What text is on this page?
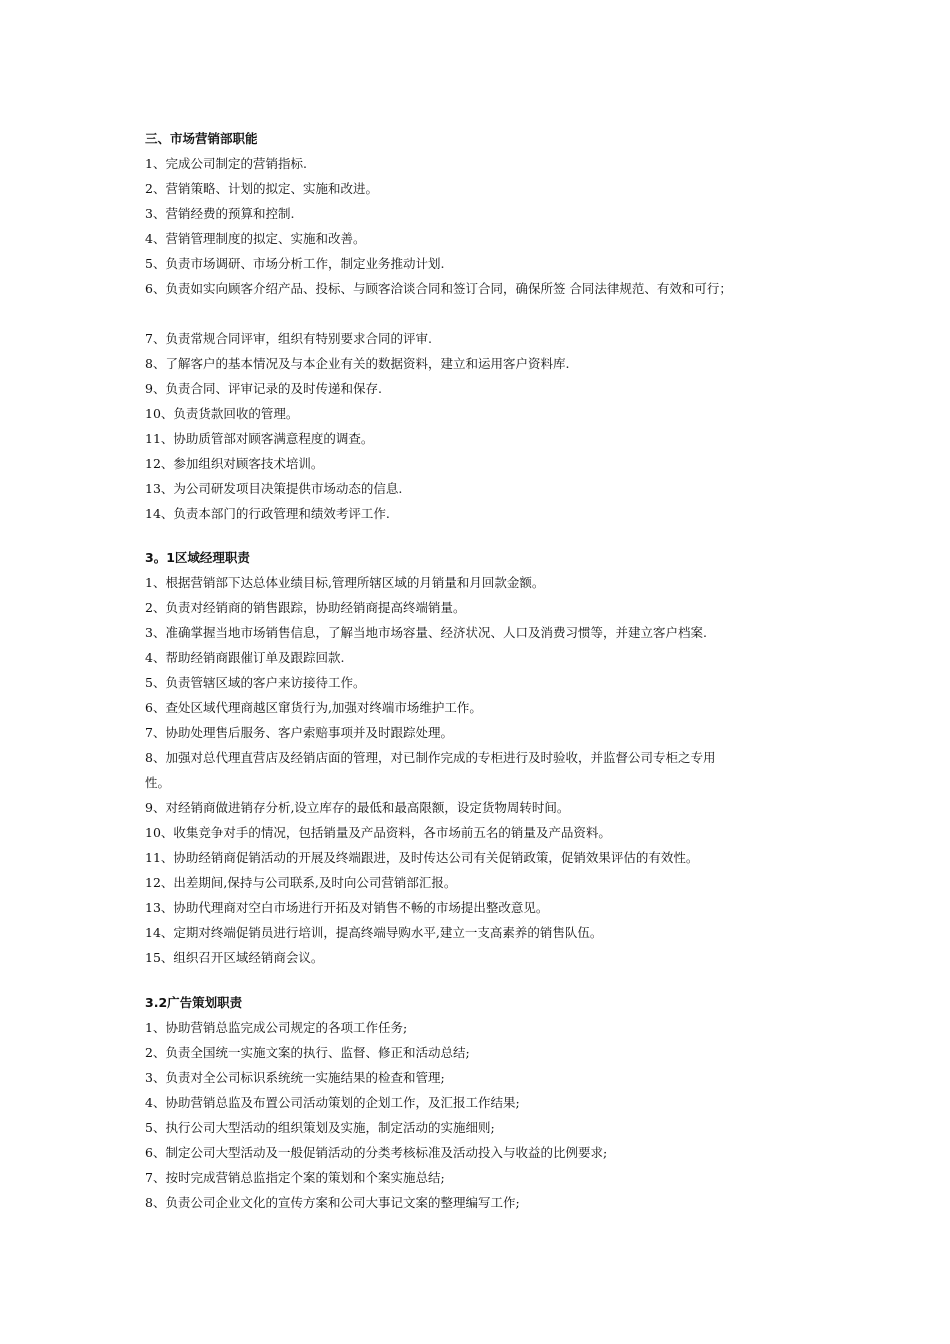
三、市场营销部职能
1、完成公司制定的营销指标.
2、营销策略、计划的拟定、实施和改进。
3、营销经费的预算和控制.
4、营销管理制度的拟定、实施和改善。
5、负责市场调研、市场分析工作，制定业务推动计划.
6、负责如实向顾客介绍产品、投标、与顾客洽谈合同和签订合同，确保所签 合同法律规范、有效和可行；
7、负责常规合同评审，组织有特别要求合同的评审.
8、了解客户的基本情况及与本企业有关的数据资料，建立和运用客户资料库.
9、负责合同、评审记录的及时传递和保存.
10、负责货款回收的管理。
11、协助质管部对顾客满意程度的调查。
12、参加组织对顾客技术培训。
13、为公司研发项目决策提供市场动态的信息.
14、负责本部门的行政管理和绩效考评工作.
3。1区域经理职责
1、根据营销部下达总体业绩目标,管理所辖区域的月销量和月回款金额。
2、负责对经销商的销售跟踪，协助经销商提高终端销量。
3、准确掌握当地市场销售信息，了解当地市场容量、经济状况、人口及消费习惯等，并建立客户档案.
4、帮助经销商跟催订单及跟踪回款.
5、负责管辖区域的客户来访接待工作。
6、查处区域代理商越区窜货行为,加强对终端市场维护工作。
7、协助处理售后服务、客户索赔事项并及时跟踪处理。
8、加强对总代理直营店及经销店面的管理，对已制作完成的专柜进行及时验收，并监督公司专柜之专用
性。
9、对经销商做进销存分析,设立库存的最低和最高限额，设定货物周转时间。
10、收集竞争对手的情况，包括销量及产品资料，各市场前五名的销量及产品资料。
11、协助经销商促销活动的开展及终端跟进，及时传达公司有关促销政策，促销效果评估的有效性。
12、出差期间,保持与公司联系,及时向公司营销部汇报。
13、协助代理商对空白市场进行开拓及对销售不畅的市场提出整改意见。
14、定期对终端促销员进行培训，提高终端导购水平,建立一支高素养的销售队伍。
15、组织召开区域经销商会议。
3.2广告策划职责
1、协助营销总监完成公司规定的各项工作任务;
2、负责全国统一实施文案的执行、监督、修正和活动总结;
3、负责对全公司标识系统统一实施结果的检查和管理;
4、协助营销总监及布置公司活动策划的企划工作，及汇报工作结果;
5、执行公司大型活动的组织策划及实施，制定活动的实施细则;
6、制定公司大型活动及一般促销活动的分类考核标准及活动投入与收益的比例要求;
7、按时完成营销总监指定个案的策划和个案实施总结;
8、负责公司企业文化的宣传方案和公司大事记文案的整理编写工作;
